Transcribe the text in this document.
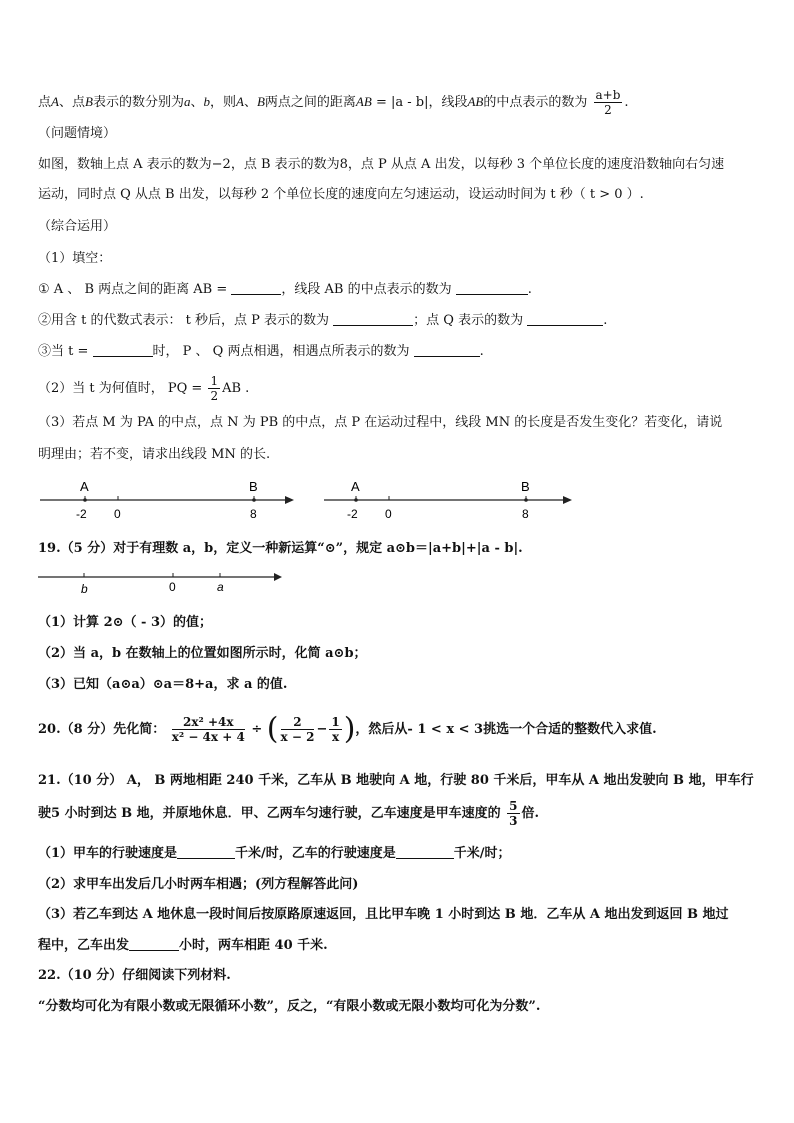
点A、点B表示的数分别为a、b，则A、B两点之间的距离AB = |a - b|，线段AB的中点表示的数为 $\frac{a+b}{2}$ .
（问题情境）
如图，数轴上点 A 表示的数为−2，点 B 表示的数为8，点 P 从点 A 出发，以每秒 3 个单位长度的速度沿数轴向右匀速
运动，同时点 Q 从点 B 出发，以每秒 2 个单位长度的速度向左匀速运动，设运动时间为 t 秒（ t > 0 ）.
（综合运用）
（1）填空：
① A 、 B 两点之间的距离 AB =	，线段 AB 的中点表示的数为	.
②用含 t 的代数式表示： t 秒后，点 P 表示的数为	；点 Q 表示的数为	.
③当 t =	时， P 、 Q 两点相遇，相遇点所表示的数为	.
（2）当 t 为何值时， PQ = $\frac{1}{2}$ AB .
（3）若点 M 为 PA 的中点，点 N 为 PB 的中点，点 P 在运动过程中，线段 MN 的长度是否发生变化？若变化，请说
明理由；若不变，请求出线段 MN 的长.
A	B
-2 0	8
A	B
-2 0	8
19.（5 分）对于有理数 a，b，定义一种新运算“⊙”，规定 a⊙b＝|a+b|+|a - b|.
b	0	a
（1）计算 2⊙（ - 3）的值；
（2）当 a，b 在数轴上的位置如图所示时，化简 a⊙b；
（3）已知（a⊙a）⊙a＝8+a，求 a 的值.
20.（8 分）先化简： $\frac{\text{2x² +4x}}{\text{x² − 4x + 4}}$ ÷ ( $\frac{2}{x - 2} - \frac{1}{x}$ )，然后从- 1 < x < 3挑选一个合适的整数代入求值.
21.（10 分） A， B 两地相距 240 千米，乙车从 B 地驶向 A 地，行驶 80 千米后，甲车从 A 地出发驶向 B 地，甲车行
驶5 小时到达 B 地，并原地休息．甲、乙两车匀速行驶，乙车速度是甲车速度的 $\frac{5}{3}$ 倍.
（1）甲车的行驶速度是	千米/时，乙车的行驶速度是	千米/时；
（2）求甲车出发后几小时两车相遇；(列方程解答此问)
（3）若乙车到达 A 地休息一段时间后按原路原速返回，且比甲车晚 1 小时到达 B 地．乙车从 A 地出发到返回 B 地过
程中，乙车出发	小时，两车相距 40 千米.
22.（10 分）仔细阅读下列材料.
“分数均可化为有限小数或无限循环小数”，反之，“有限小数或无限小数均可化为分数”.
